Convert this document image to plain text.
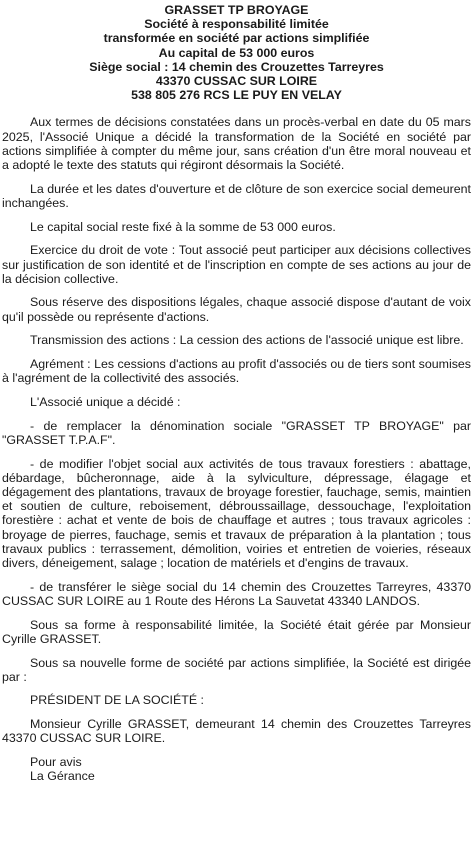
GRASSET TP BROYAGE
Société à responsabilité limitée
transformée en société par actions simplifiée
Au capital de 53 000 euros
Siège social : 14 chemin des Crouzettes Tarreyres
43370 CUSSAC SUR LOIRE
538 805 276 RCS LE PUY EN VELAY

Aux termes de décisions constatées dans un procès-verbal en date du 05 mars 2025, l'Associé Unique a décidé la transformation de la Société en société par actions simplifiée à compter du même jour, sans création d'un être moral nouveau et a adopté le texte des statuts qui régiront désormais la Société.

La durée et les dates d'ouverture et de clôture de son exercice social demeurent inchangées.

Le capital social reste fixé à la somme de 53 000 euros.

Exercice du droit de vote : Tout associé peut participer aux décisions collectives sur justification de son identité et de l'inscription en compte de ses actions au jour de la décision collective.

Sous réserve des dispositions légales, chaque associé dispose d'autant de voix qu'il possède ou représente d'actions.

Transmission des actions : La cession des actions de l'associé unique est libre.

Agrément : Les cessions d'actions au profit d'associés ou de tiers sont soumises à l'agrément de la collectivité des associés.

L'Associé unique a décidé :

- de remplacer la dénomination sociale "GRASSET TP BROYAGE" par "GRASSET T.P.A.F".

- de modifier l'objet social aux activités de tous travaux forestiers : abattage, débardage, bûcheronnage, aide à la sylviculture, dépressage, élagage et dégagement des plantations, travaux de broyage forestier, fauchage, semis, maintien et soutien de culture, reboisement, débroussaillage, dessouchage, l'exploitation forestière : achat et vente de bois de chauffage et autres ; tous travaux agricoles : broyage de pierres, fauchage, semis et travaux de préparation à la plantation ; tous travaux publics : terrassement, démolition, voiries et entretien de voieries, réseaux divers, déneigement, salage ; location de matériels et d'engins de travaux.

- de transférer le siège social du 14 chemin des Crouzettes Tarreyres, 43370 CUSSAC SUR LOIRE au 1 Route des Hérons La Sauvetat 43340 LANDOS.

Sous sa forme à responsabilité limitée, la Société était gérée par Monsieur Cyrille GRASSET.

Sous sa nouvelle forme de société par actions simplifiée, la Société est dirigée par :

PRÉSIDENT DE LA SOCIÉTÉ :

Monsieur Cyrille GRASSET, demeurant 14 chemin des Crouzettes Tarreyres 43370 CUSSAC SUR LOIRE.

Pour avis

La Gérance
